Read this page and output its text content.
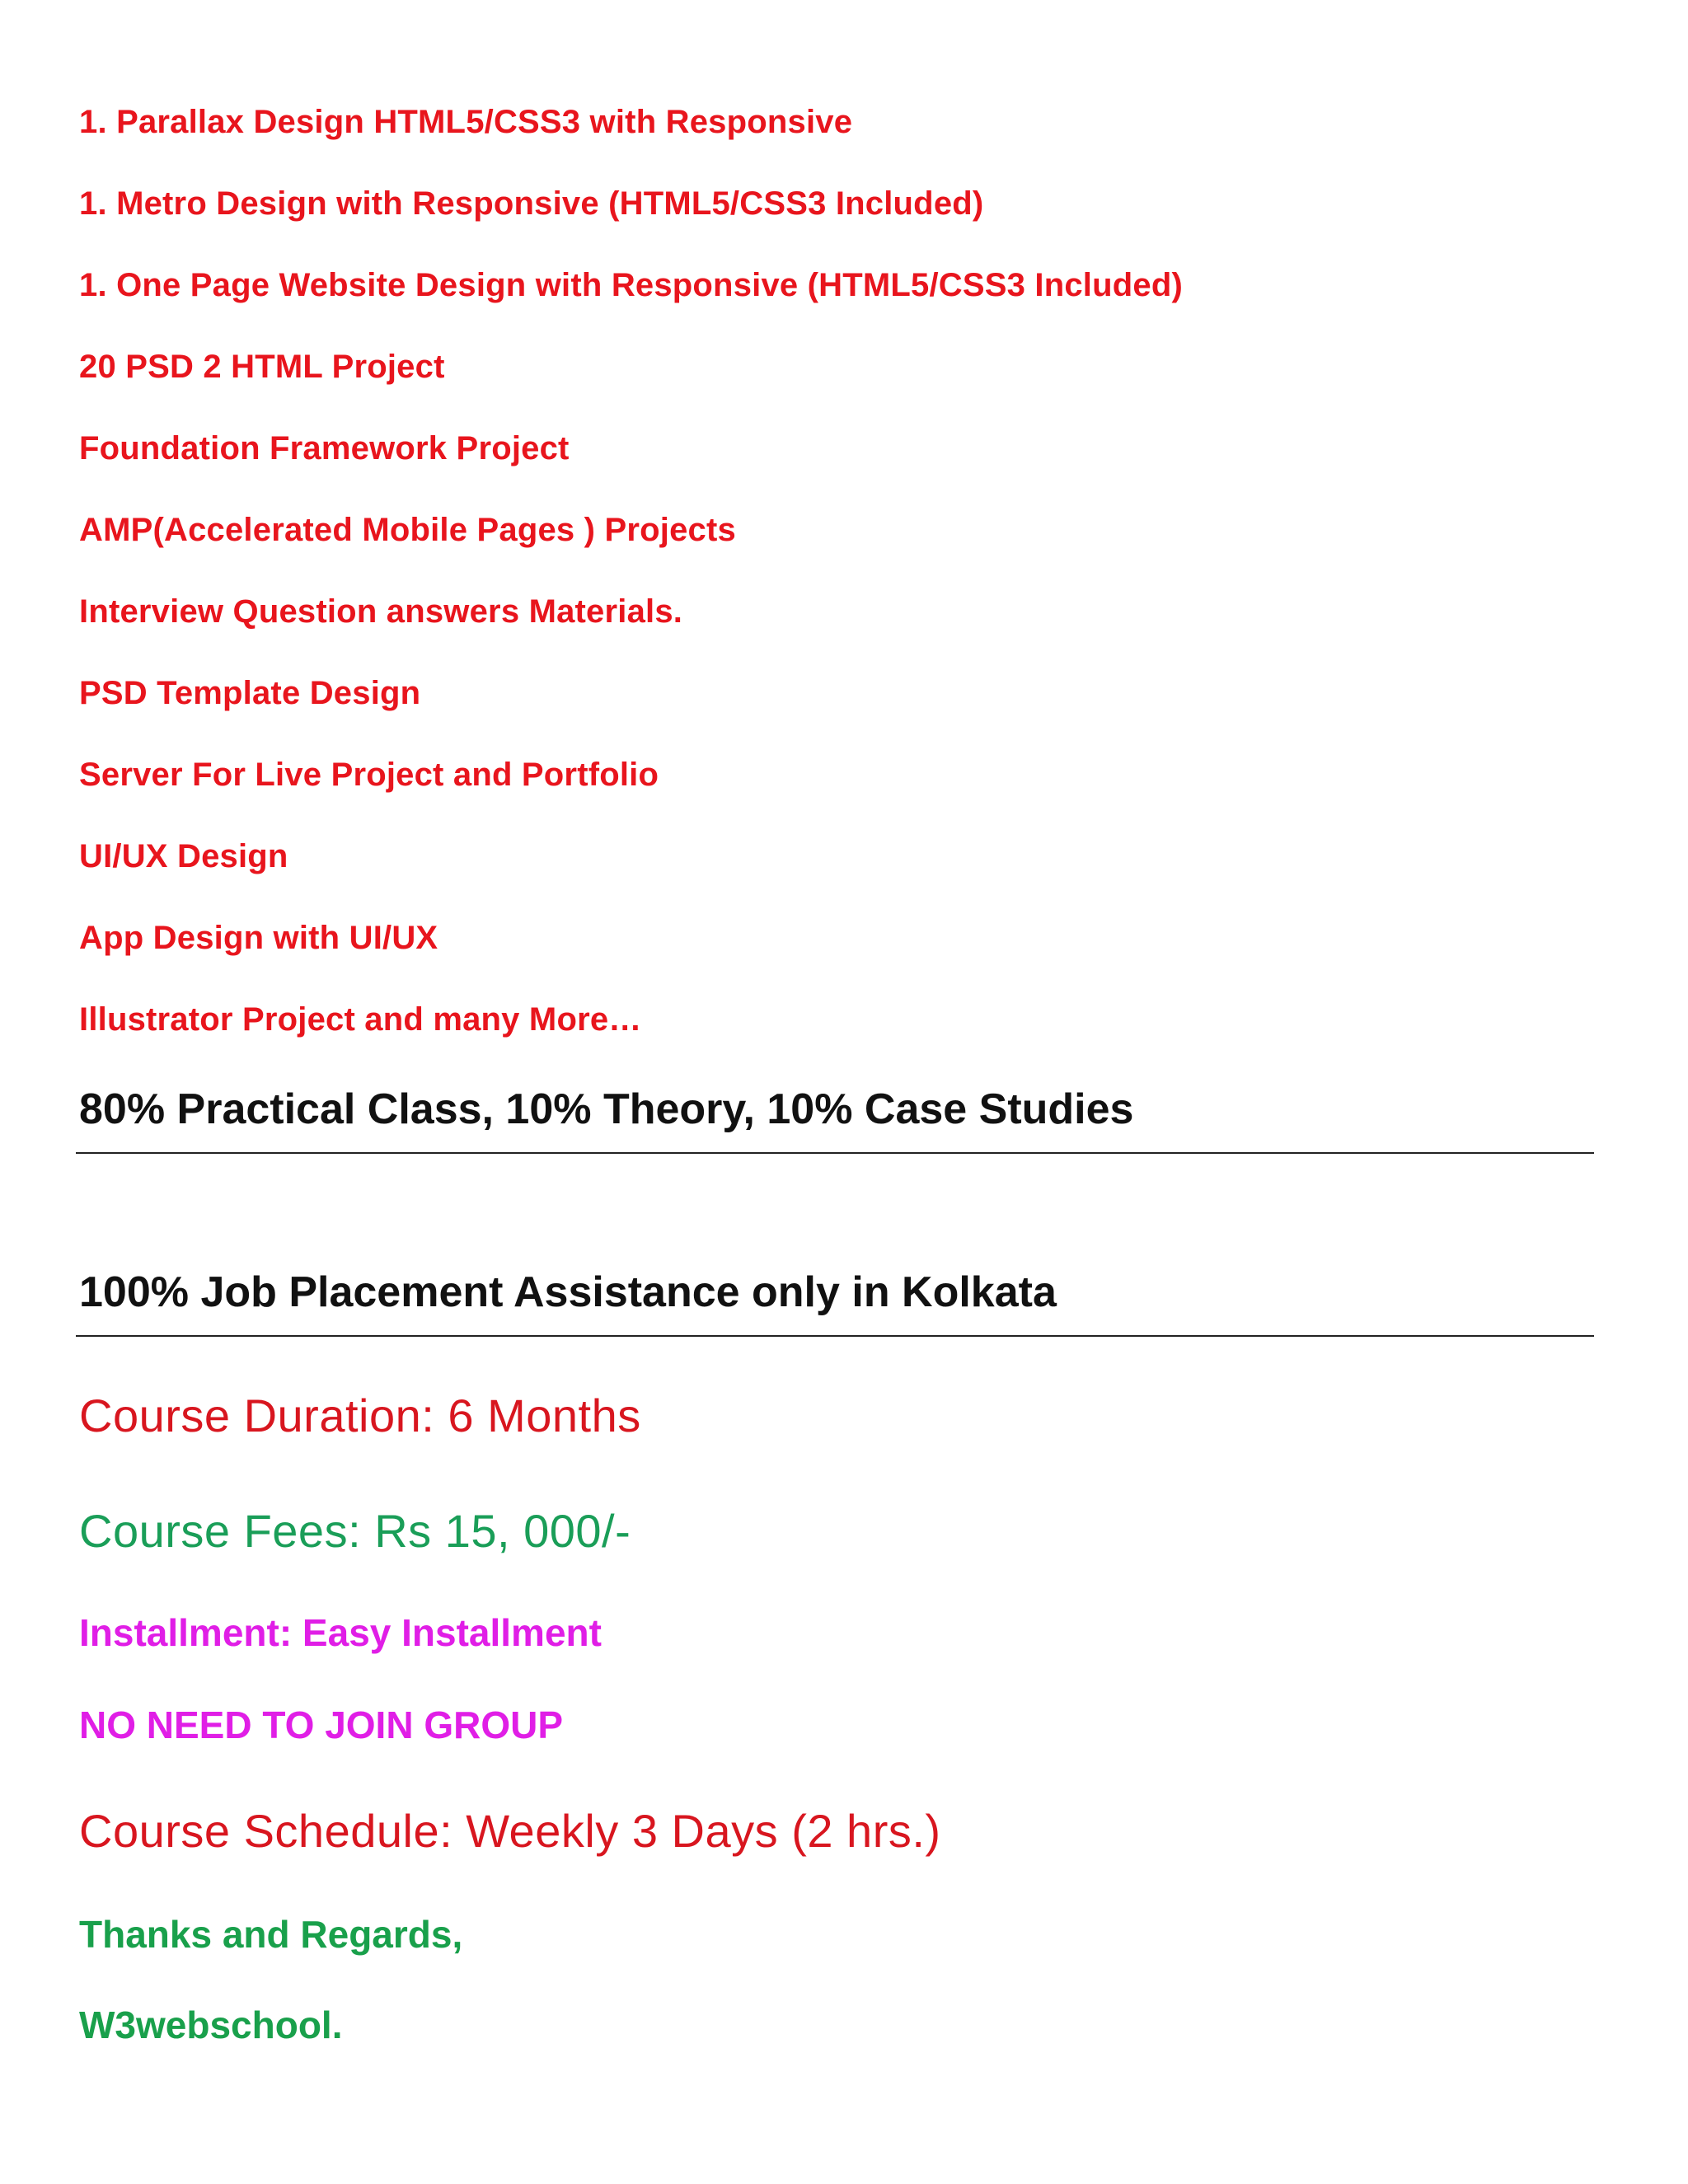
1. Parallax Design HTML5/CSS3 with Responsive

1. Metro Design with Responsive (HTML5/CSS3 Included)

1. One Page Website Design with Responsive (HTML5/CSS3 Included)

20 PSD 2 HTML Project

Foundation Framework Project

AMP(Accelerated Mobile Pages ) Projects

Interview Question answers Materials.

PSD Template Design

Server For Live Project and Portfolio

UI/UX Design

App Design with UI/UX

Illustrator Project and many More…

80% Practical Class, 10% Theory, 10% Case Studies

100% Job Placement Assistance only in Kolkata

Course Duration: 6 Months

Course Fees: Rs 15, 000/-

Installment: Easy Installment

NO NEED TO JOIN GROUP

Course Schedule: Weekly 3 Days (2 hrs.)

Thanks and Regards,

W3webschool.
